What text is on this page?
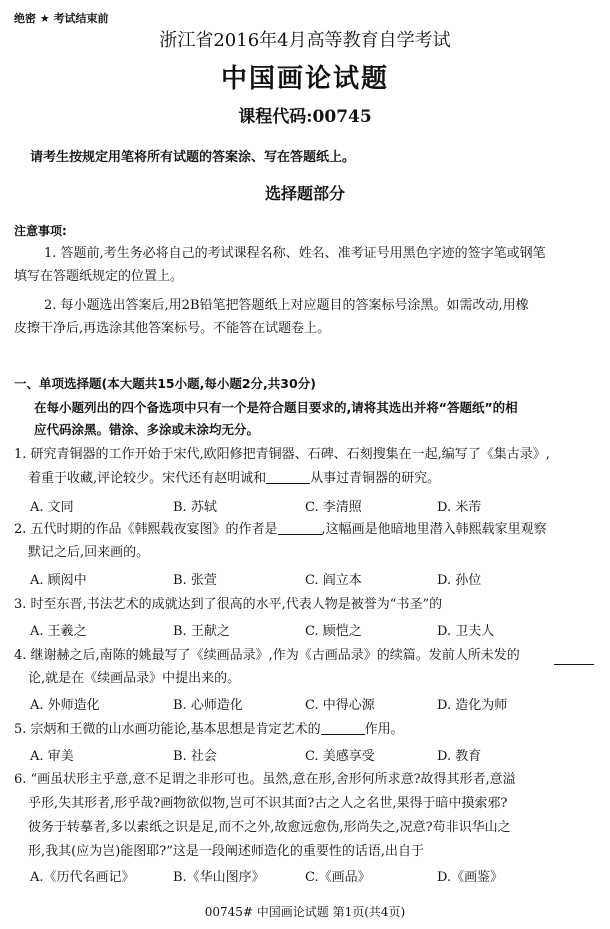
绝密 ★ 考试结束前
浙江省2016年4月高等教育自学考试
中国画论试题
课程代码:00745
请考生按规定用笔将所有试题的答案涂、写在答题纸上。
选择题部分
注意事项:
1. 答题前,考生务必将自己的考试课程名称、姓名、准考证号用黑色字迹的签字笔或钢笔
填写在答题纸规定的位置上。
2. 每小题选出答案后,用2B铅笔把答题纸上对应题目的答案标号涂黑。如需改动,用橡
皮擦干净后,再选涂其他答案标号。不能答在试题卷上。
一、单项选择题(本大题共15小题,每小题2分,共30分)
在每小题列出的四个备选项中只有一个是符合题目要求的,请将其选出并将“答题纸”的相
应代码涂黑。错涂、多涂或未涂均无分。
1. 研究青铜器的工作开始于宋代,欧阳修把青铜器、石碑、石刻搜集在一起,编写了《集古录》,
着重于收藏,评论较少。宋代还有赵明诚和	从事过青铜器的研究。
A. 文同	B. 苏轼	C. 李清照	D. 米芾
2. 五代时期的作品《韩熙载夜宴图》的作者是	,这幅画是他暗地里潜入韩熙载家里观察
默记之后,回来画的。
A. 顾闳中	B. 张萱	C. 阎立本	D. 孙位
3. 时至东晋,书法艺术的成就达到了很高的水平,代表人物是被誉为“书圣”的
A. 王羲之	B. 王献之	C. 顾恺之	D. 卫夫人
4. 继谢赫之后,南陈的姚最写了《续画品录》,作为《古画品录》的续篇。发前人所未发的
论,就是在《续画品录》中提出来的。
A. 外师造化	B. 心师造化	C. 中得心源	D. 造化为师
5. 宗炳和王微的山水画功能论,基本思想是肯定艺术的	作用。
A. 审美	B. 社会	C. 美感享受	D. 教育
6. “画虽状形主乎意,意不足谓之非形可也。虽然,意在形,舍形何所求意?故得其形者,意溢
乎形,失其形者,形乎哉?画物欲似物,岂可不识其面?古之人之名世,果得于暗中摸索邪?
彼务于转摹者,多以素纸之识是足,而不之外,故愈远愈伪,形尚失之,况意?苟非识华山之
形,我其(应为岂)能图耶?”这是一段阐述师造化的重要性的话语,出自于
A.《历代名画记》	B.《华山图序》	C.《画品》	D.《画鉴》
00745# 中国画论试题 第1页(共4页)
